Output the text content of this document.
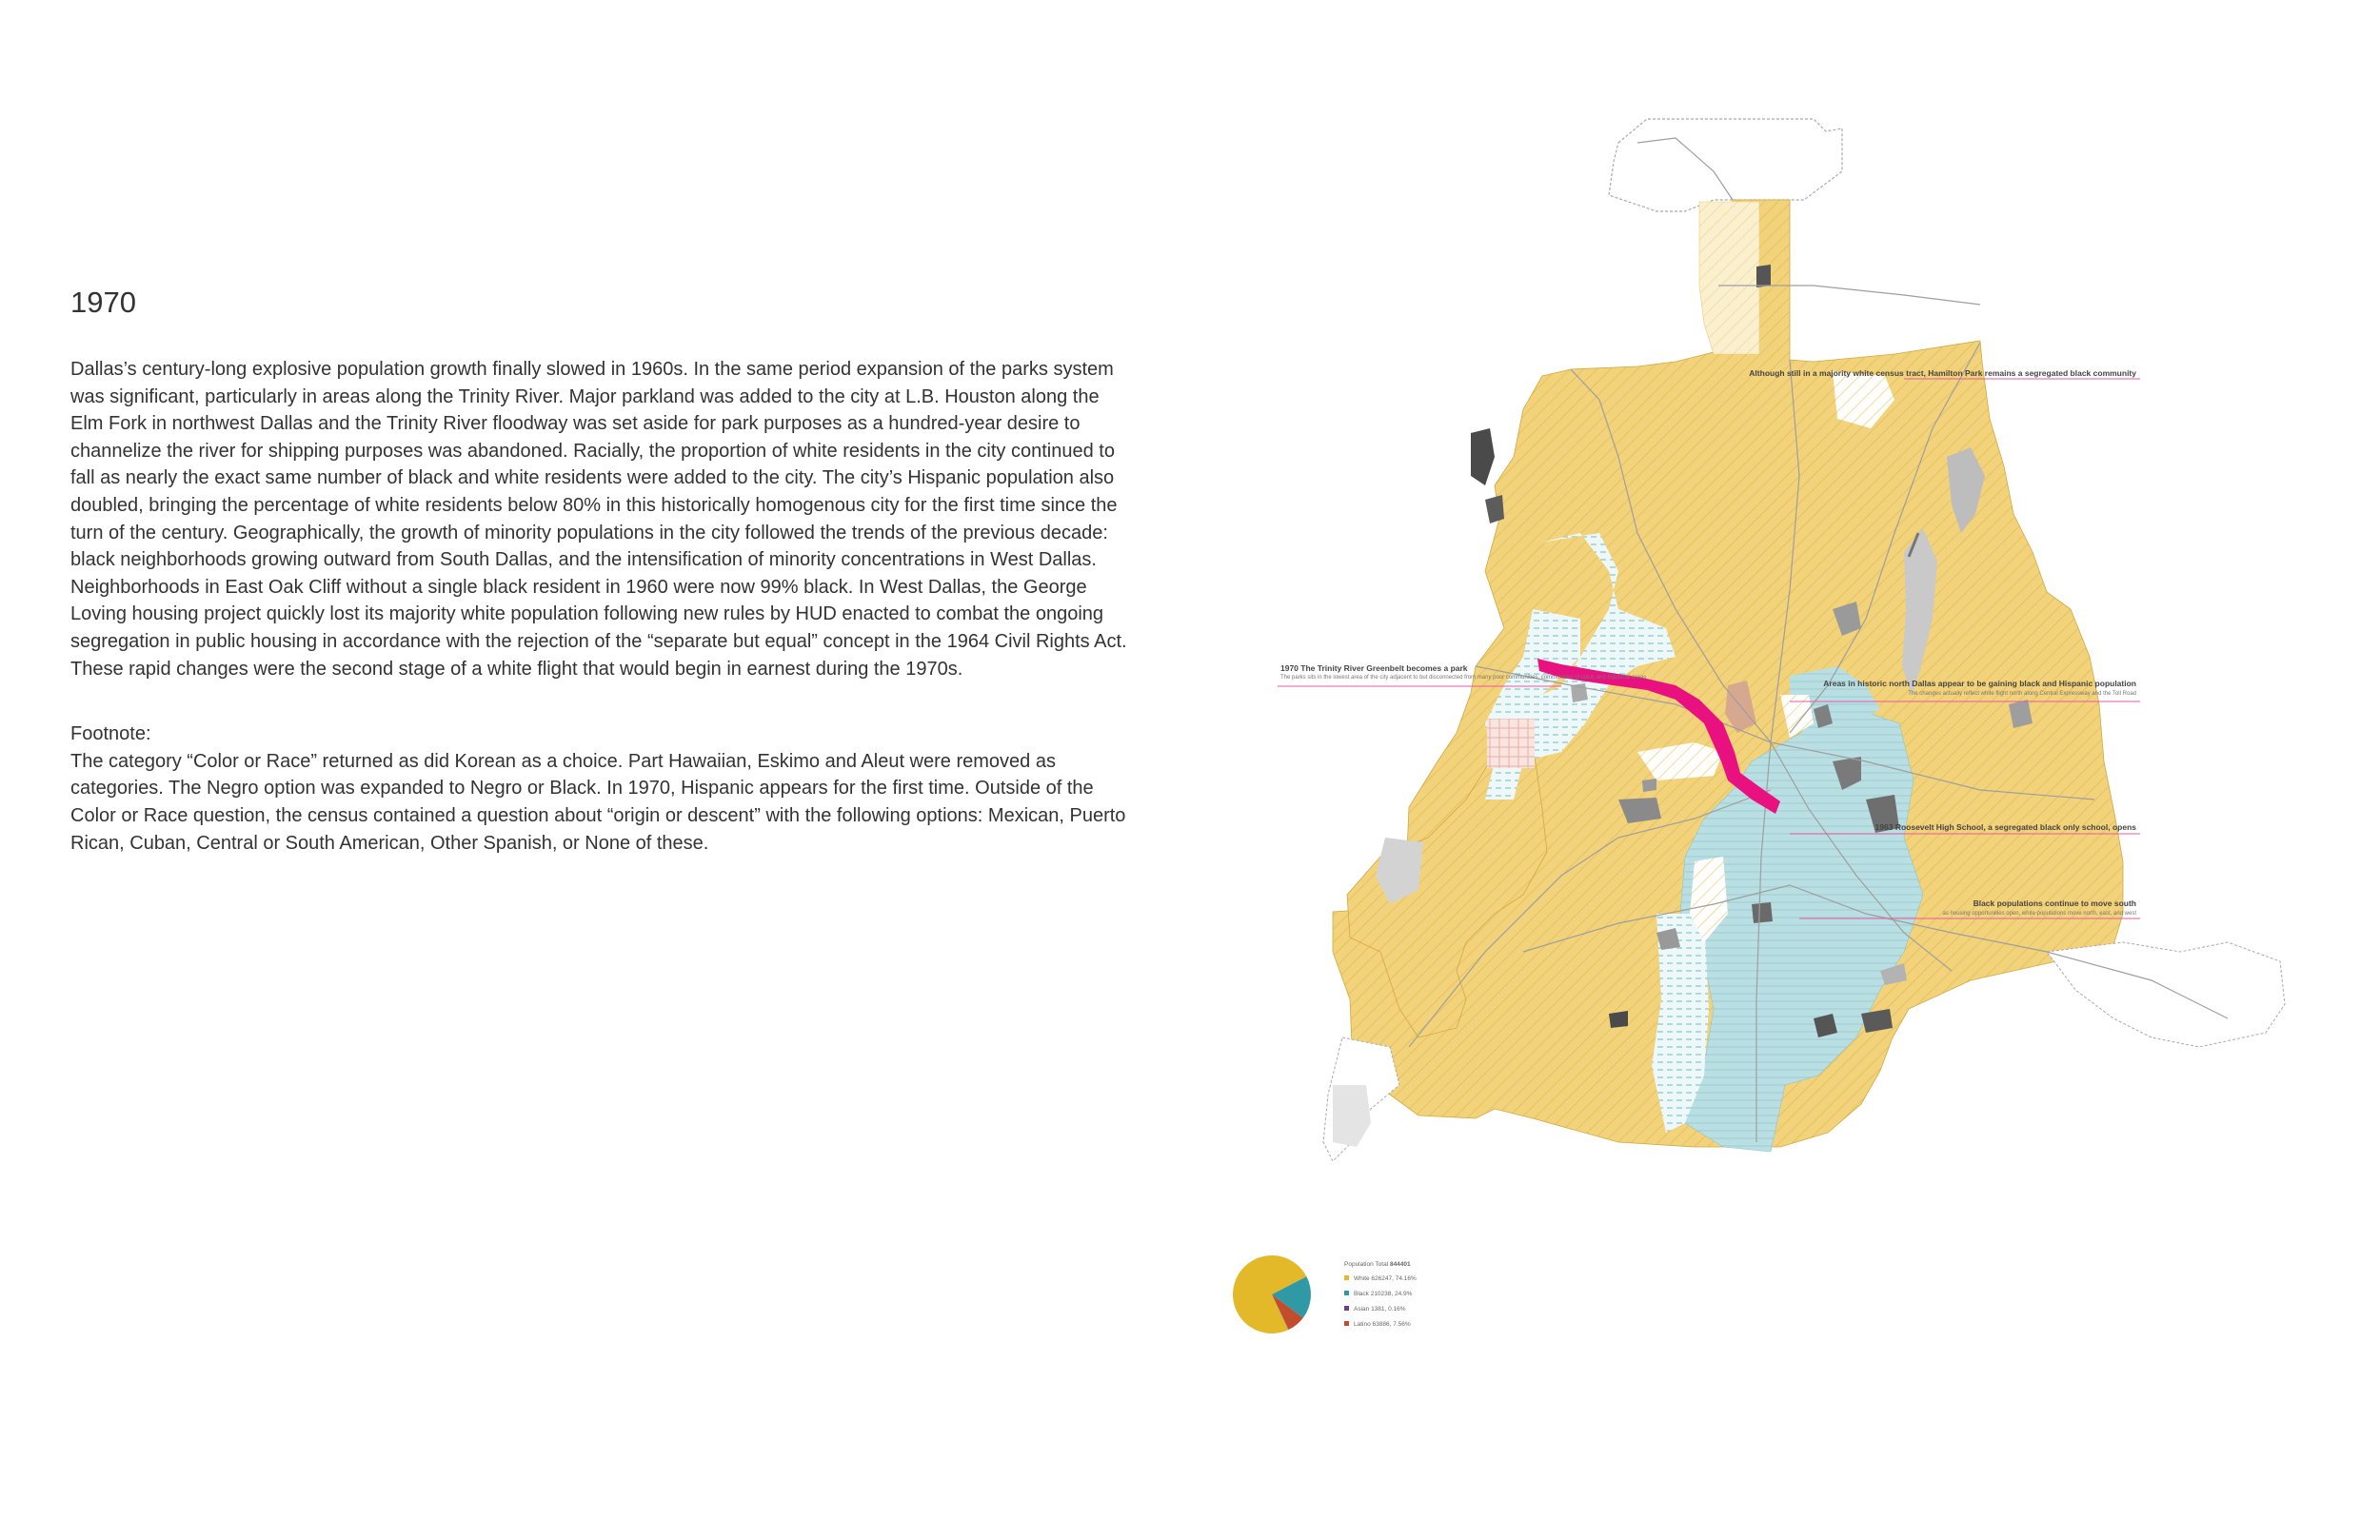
1970

Dallas’s century-long explosive population growth finally slowed in 1960s. In the same period expansion of the parks system was significant, particularly in areas along the Trinity River. Major parkland was added to the city at L.B. Houston along the Elm Fork in northwest Dallas and the Trinity River floodway was set aside for park purposes as a hundred-year desire to channelize the river for shipping purposes was abandoned. Racially, the proportion of white residents in the city continued to fall as nearly the exact same number of black and white residents were added to the city. The city’s Hispanic population also doubled, bringing the percentage of white residents below 80% in this historically homogenous city for the first time since the turn of the century. Geographically, the growth of minority populations in the city followed the trends of the previous decade: black neighborhoods growing outward from South Dallas, and the intensification of minority concentrations in West Dallas. Neighborhoods in East Oak Cliff without a single black resident in 1960 were now 99% black. In West Dallas, the George Loving housing project quickly lost its majority white population following new rules by HUD enacted to combat the ongoing segregation in public housing in accordance with the rejection of the “separate but equal” concept in the 1964 Civil Rights Act. These rapid changes were the second stage of a white flight that would begin in earnest during the 1970s.

Footnote:

The category “Color or Race” returned as did Korean as a choice. Part Hawaiian, Eskimo and Aleut were removed as categories. The Negro option was expanded to Negro or Black. In 1970, Hispanic appears for the first time. Outside of the Color or Race question, the census contained a question about “origin or descent” with the following options: Mexican, Puerto Rican, Cuban, Central or South American, Other Spanish, or None of these.

Although still in a majority white census tract, Hamilton Park remains a segregated black community
1970 The Trinity River Greenbelt becomes a park
The parks sits in the lowest area of the city adjacent to but disconnected from many poor communities, communities of color, and industrial areas
Areas in historic north Dallas appear to be gaining black and Hispanic population
The changes actually reflect white flight north along Central Expressway and the Toll Road
1963 Roosevelt High School, a segregated black only school, opens
Black populations continue to move south
as housing opportunities open, white populations move north, east, and west
Population Total 844401
White 626247, 74.16%
Black 210238, 24.9%
Asian 1381, 0.16%
Latino 63886, 7.56%
